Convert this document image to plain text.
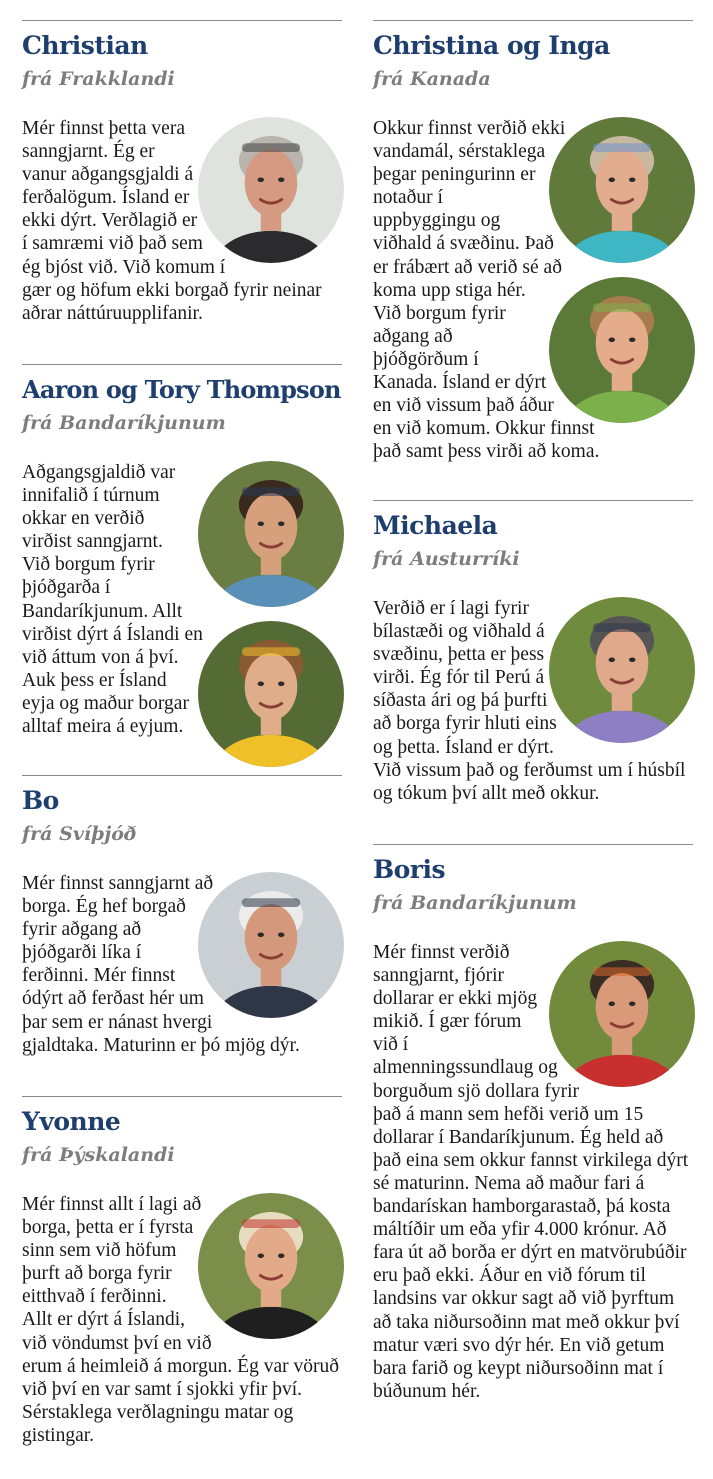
Christian
frá Frakklandi
Mér finnst þetta vera sanngjarnt. Ég er vanur aðgangsgjaldi á ferðalögum. Ísland er ekki dýrt. Verðlagið er í samræmi við það sem ég bjóst við. Við komum í gær og höfum ekki borgað fyrir neinar aðrar náttúruupplifanir.
Aaron og Tory Thompson
frá Bandaríkjunum
Aðgangsgjaldið var innifalið í túrnum okkar en verðið virðist sanngjarnt. Við borgum fyrir þjóðgarða í Bandaríkjunum. Allt virðist dýrt á Íslandi en við áttum von á því. Auk þess er Ísland eyja og maður borgar alltaf meira á eyjum.
Bo
frá Svíþjóð
Mér finnst sanngjarnt að borga. Ég hef borgað fyrir aðgang að þjóðgarði líka í ferðinni. Mér finnst ódýrt að ferðast hér um þar sem er nánast hvergi gjaldtaka. Maturinn er þó mjög dýr.
Yvonne
frá Þýskalandi
Mér finnst allt í lagi að borga, þetta er í fyrsta sinn sem við höfum þurft að borga fyrir eitthvað í ferðinni. Allt er dýrt á Íslandi, við vöndumst því en við erum á heimleið á morgun. Ég var vöruð við því en var samt í sjokki yfir því. Sérstaklega verðlagningu matar og gistingar.
Christina og Inga
frá Kanada
Okkur finnst verðið ekki vandamál, sérstaklega þegar peningurinn er notaður í uppbyggingu og viðhald á svæðinu. Það er frábært að verið sé að koma upp stiga hér. Við borgum fyrir aðgang að þjóðgörðum í Kanada. Ísland er dýrt en við vissum það áður en við komum. Okkur finnst það samt þess virði að koma.
Michaela
frá Austurríki
Verðið er í lagi fyrir bílastæði og viðhald á svæðinu, þetta er þess virði. Ég fór til Perú á síðasta ári og þá þurfti að borga fyrir hluti eins og þetta. Ísland er dýrt. Við vissum það og ferðumst um í húsbíl og tókum því allt með okkur.
Boris
frá Bandaríkjunum
Mér finnst verðið sanngjarnt, fjórir dollarar er ekki mjög mikið. Í gær fórum við í almenningssundlaug og borguðum sjö dollara fyrir það á mann sem hefði verið um 15 dollarar í Bandaríkjunum. Ég held að það eina sem okkur fannst virkilega dýrt sé maturinn. Nema að maður fari á bandarískan hamborgarastað, þá kosta máltíðir um eða yfir 4.000 krónur. Að fara út að borða er dýrt en matvörubúðir eru það ekki. Áður en við fórum til landsins var okkur sagt að við þyrftum að taka niðursoðinn mat með okkur því matur væri svo dýr hér. En við getum bara farið og keypt niðursoðinn mat í búðunum hér.
